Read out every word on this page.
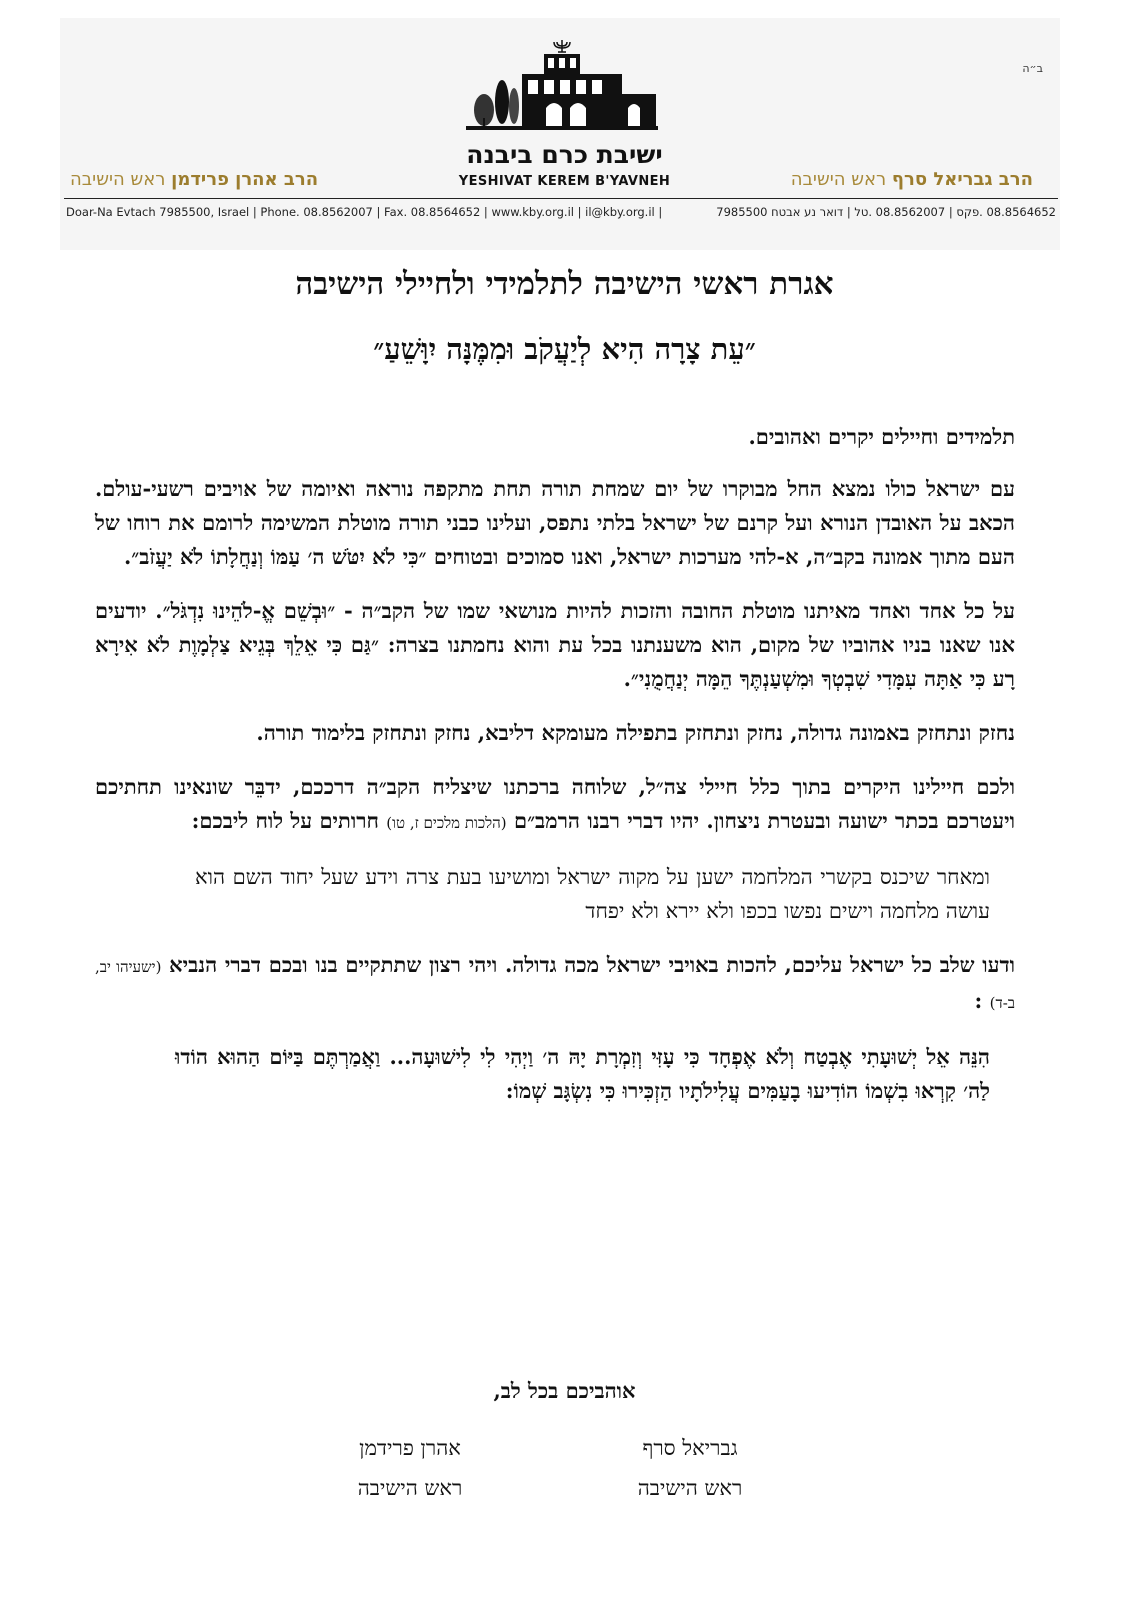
ב״ה
ישיבת כרם ביבנה
YESHIVAT KEREM B'YAVNEH	הרב גבריאל סרף ראש הישיבה
הרב אהרן פרידמן ראש הישיבה
Doar-Na Evtach 7985500, Israel | Phone. 08.8562007 | Fax. 08.8564652 | www.kby.org.il | il@kby.org.il |	08.8564652 .פקס | 08.8562007 .טל | דואר נע אבטח 7985500
אגרת ראשי הישיבה לתלמידי ולחיילי הישיבה
״עֵת צָרָה הִיא לְיַעֲקֹב וּמִמֶּנָּה יִוָּשֵׁעַ״

תלמידים וחיילים יקרים ואהובים.

עם ישראל כולו נמצא החל מבוקרו של יום שמחת תורה תחת מתקפה נוראה ואיומה של אויבים רשעי-עולם. הכאב על האובדן הנורא ועל קרנם של ישראל בלתי נתפס, ועלינו כבני תורה מוטלת המשימה לרומם את רוחו של העם מתוך אמונה בקב״ה, א-להי מערכות ישראל, ואנו סמוכים ובטוחים ״כִּי לֹא יִטֹּשׁ ה׳ עַמּוֹ וְנַחֲלָתוֹ לֹא יַעֲזֹב״.

על כל אחד ואחד מאיתנו מוטלת החובה והזכות להיות מנושאי שמו של הקב״ה - ״וּבְשֵׁם אֱ-לֹהֵינוּ נִדְגֹּל״. יודעים אנו שאנו בניו אהוביו של מקום, הוא משענתנו בכל עת והוא נחמתנו בצרה: ״גַּם כִּי אֵלֵךְ בְּגֵיא צַלְמָוֶת לֹא אִירָא רָע כִּי אַתָּה עִמָּדִי שִׁבְטְךָ וּמִשְׁעַנְתֶּךָ הֵמָּה יְנַחֲמֻנִי״.

נחזק ונתחזק באמונה גדולה, נחזק ונתחזק בתפילה מעומקא דליבא, נחזק ונתחזק בלימוד תורה.

ולכם חיילינו היקרים בתוך כלל חיילי צה״ל, שלוחה ברכתנו שיצליח הקב״ה דרככם, ידבֵּר שונאינו תחתיכם ויעטרכם בכתר ישועה ובעטרת ניצחון. יהיו דברי רבנו הרמב״ם (הלכות מלכים ז, טו) חרותים על לוח ליבכם:

ומאחר שיכנס בקשרי המלחמה ישען על מקוה ישראל ומושיעו בעת צרה וידע שעל יחוד השם הוא עושה מלחמה וישים נפשו בכפו ולא יירא ולא יפחד

ודעו שלב כל ישראל עליכם, להכות באויבי ישראל מכה גדולה. ויהי רצון שתתקיים בנו ובכם דברי הנביא (ישעיהו יב, ב-ד) :

הִנֵּה אֵל יְשׁוּעָתִי אֶבְטַח וְלֹא אֶפְחָד כִּי עָזִּי וְזִמְרָת יָהּ ה׳ וַיְהִי לִי לִישׁוּעָה... וַאֲמַרְתֶּם בַּיּוֹם הַהוּא הוֹדוּ לַה׳ קִרְאוּ בִשְׁמוֹ הוֹדִיעוּ בָעַמִּים עֲלִילֹתָיו הַזְכִּירוּ כִּי נִשְׂגָּב שְׁמוֹ:

אוהביכם בכל לב,
גבריאל סרף
ראש הישיבה
אהרן פרידמן
ראש הישיבה
